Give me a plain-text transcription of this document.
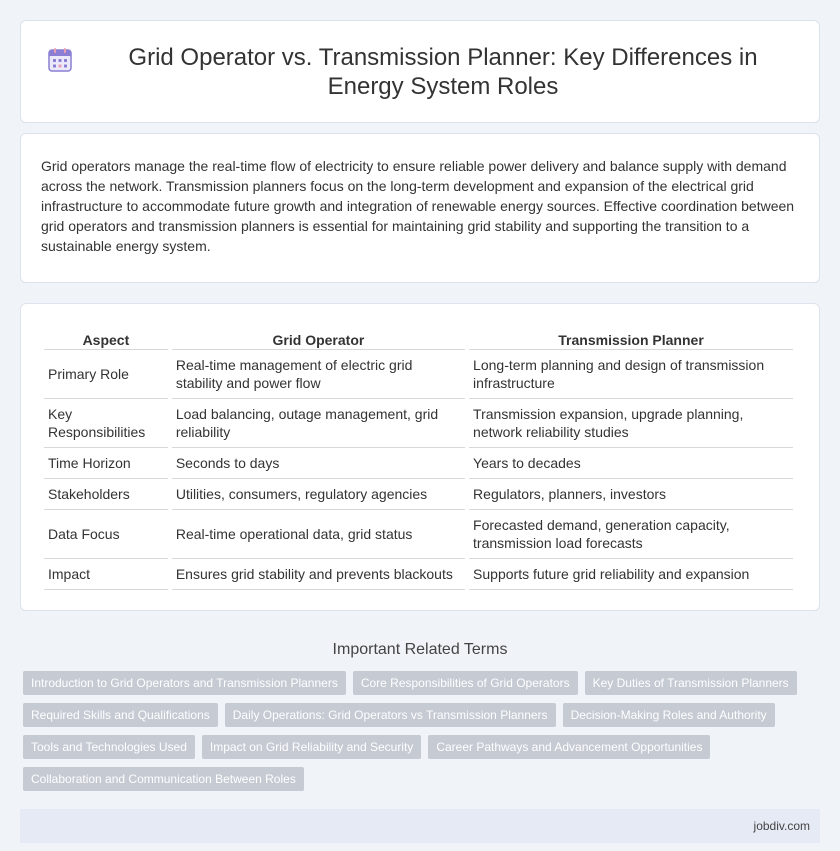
Grid Operator vs. Transmission Planner: Key Differences in Energy System Roles

Grid operators manage the real-time flow of electricity to ensure reliable power delivery and balance supply with demand across the network. Transmission planners focus on the long-term development and expansion of the electrical grid infrastructure to accommodate future growth and integration of renewable energy sources. Effective coordination between grid operators and transmission planners is essential for maintaining grid stability and supporting the transition to a sustainable energy system.

Aspect	Grid Operator	Transmission Planner
Primary Role	Real-time management of electric grid stability and power flow	Long-term planning and design of transmission infrastructure
Key Responsibilities	Load balancing, outage management, grid reliability	Transmission expansion, upgrade planning, network reliability studies
Time Horizon	Seconds to days	Years to decades
Stakeholders	Utilities, consumers, regulatory agencies	Regulators, planners, investors
Data Focus	Real-time operational data, grid status	Forecasted demand, generation capacity, transmission load forecasts
Impact	Ensures grid stability and prevents blackouts	Supports future grid reliability and expansion
Important Related Terms
Introduction to Grid Operators and Transmission Planners	Core Responsibilities of Grid Operators	Key Duties of Transmission Planners
Required Skills and Qualifications	Daily Operations: Grid Operators vs Transmission Planners	Decision-Making Roles and Authority
Tools and Technologies Used	Impact on Grid Reliability and Security	Career Pathways and Advancement Opportunities
Collaboration and Communication Between Roles
jobdiv.com
